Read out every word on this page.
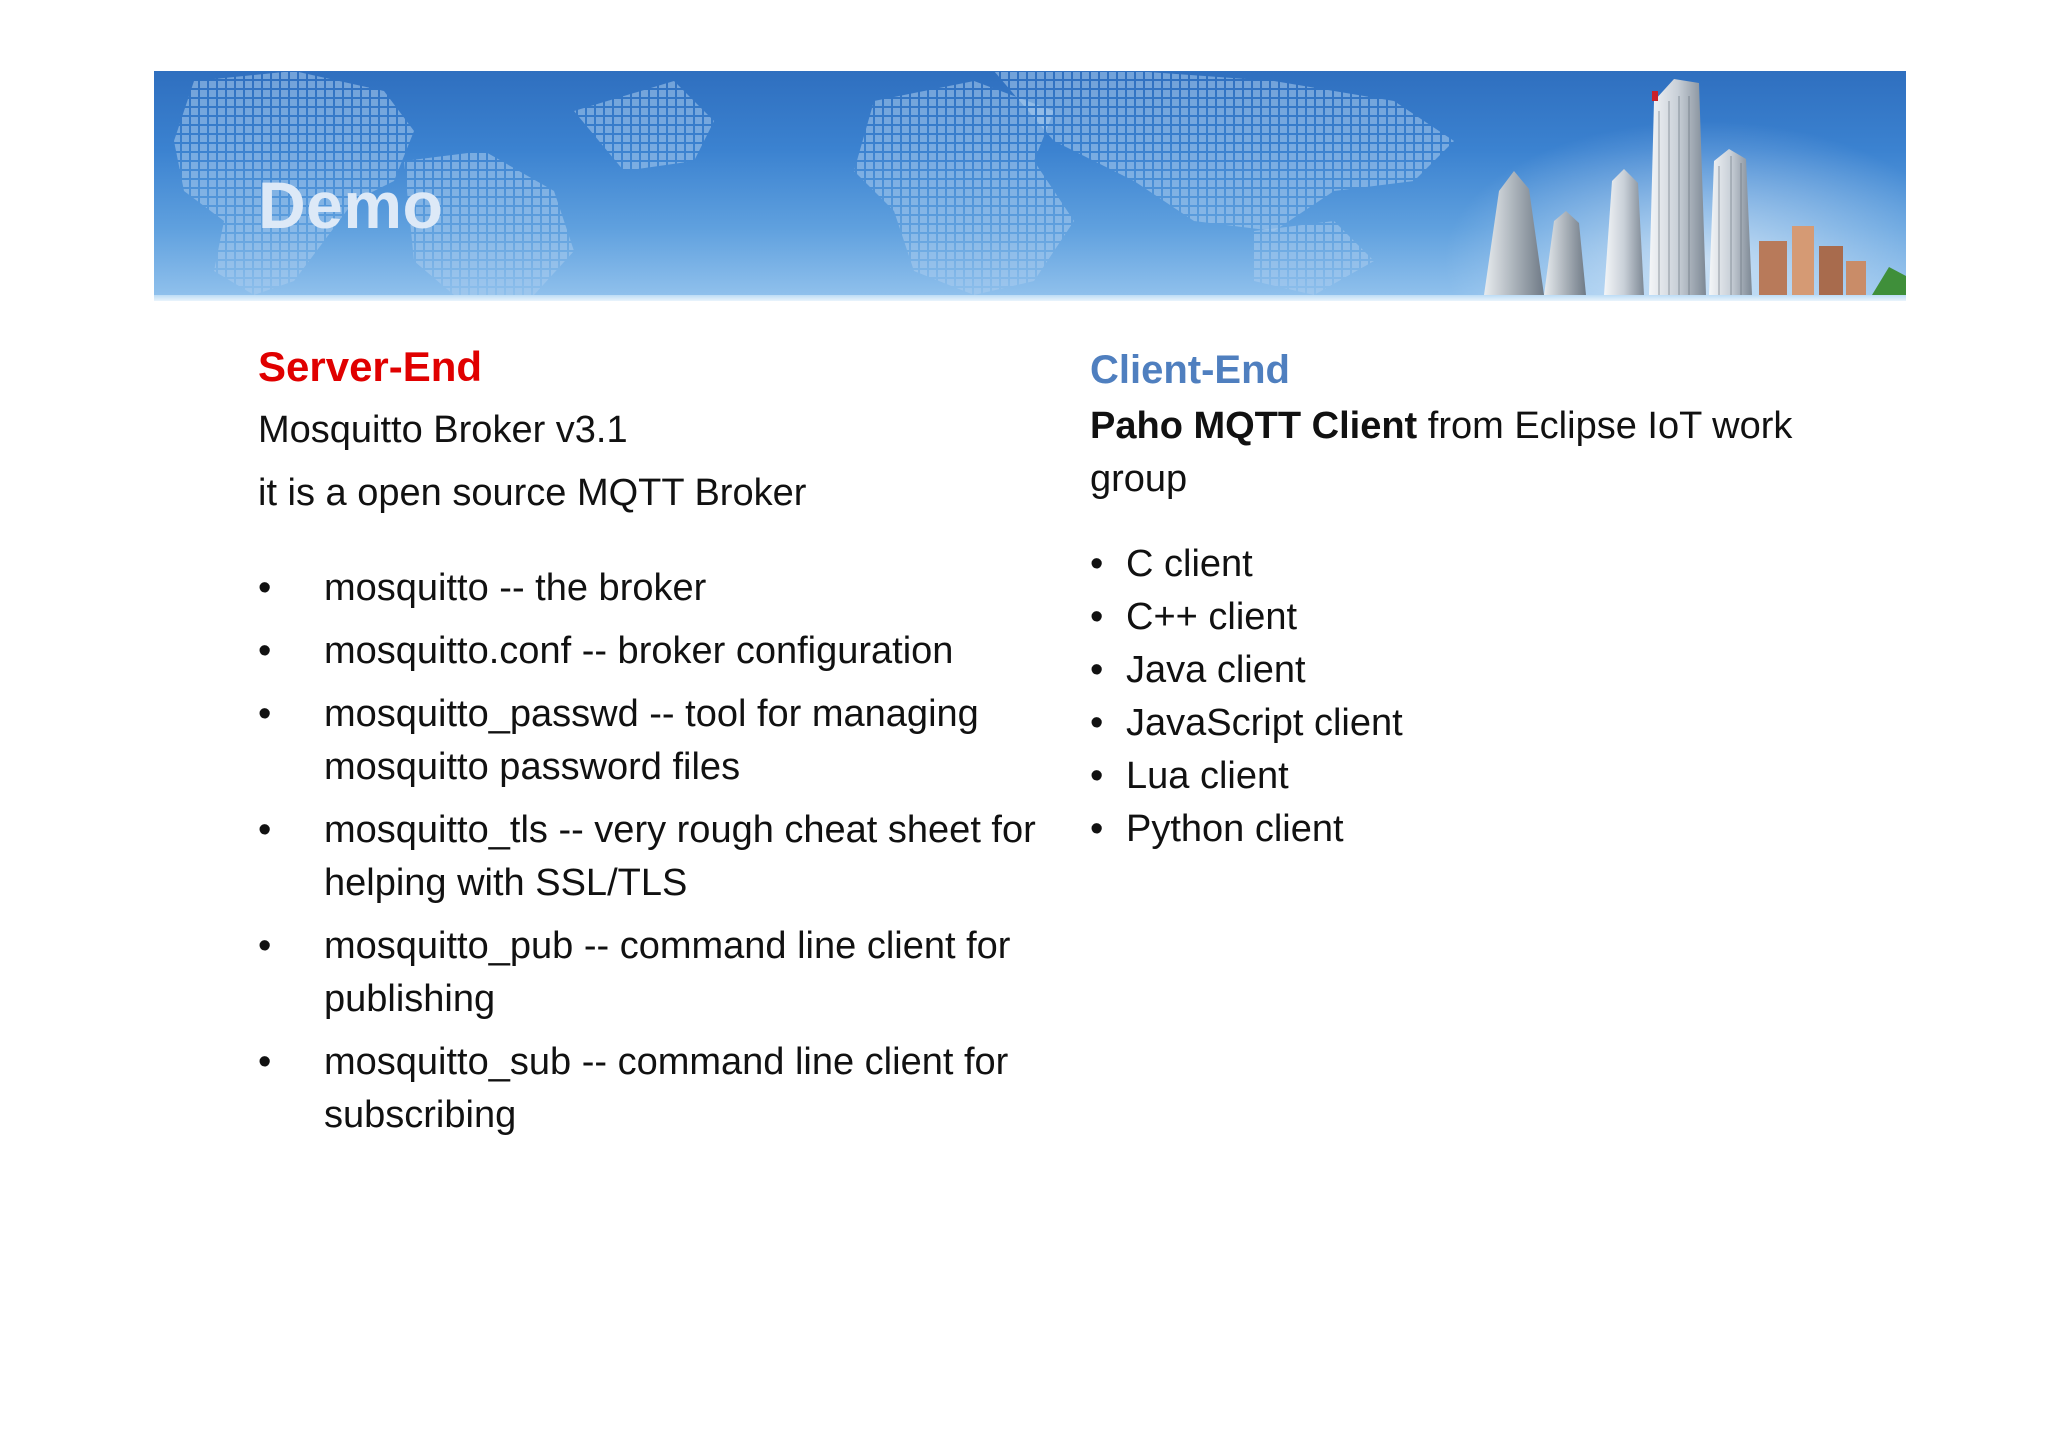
Demo
Server-End
Mosquitto Broker v3.1
it is a open source MQTT Broker
• mosquitto -- the broker
• mosquitto.conf -- broker configuration
• mosquitto_passwd -- tool for managing mosquitto password files
• mosquitto_tls -- very rough cheat sheet for helping with SSL/TLS
• mosquitto_pub -- command line client for publishing
• mosquitto_sub -- command line client for subscribing
Client-End

Paho MQTT Client from Eclipse IoT work group

• C client
• C++ client
• Java client
• JavaScript client
• Lua client
• Python client
